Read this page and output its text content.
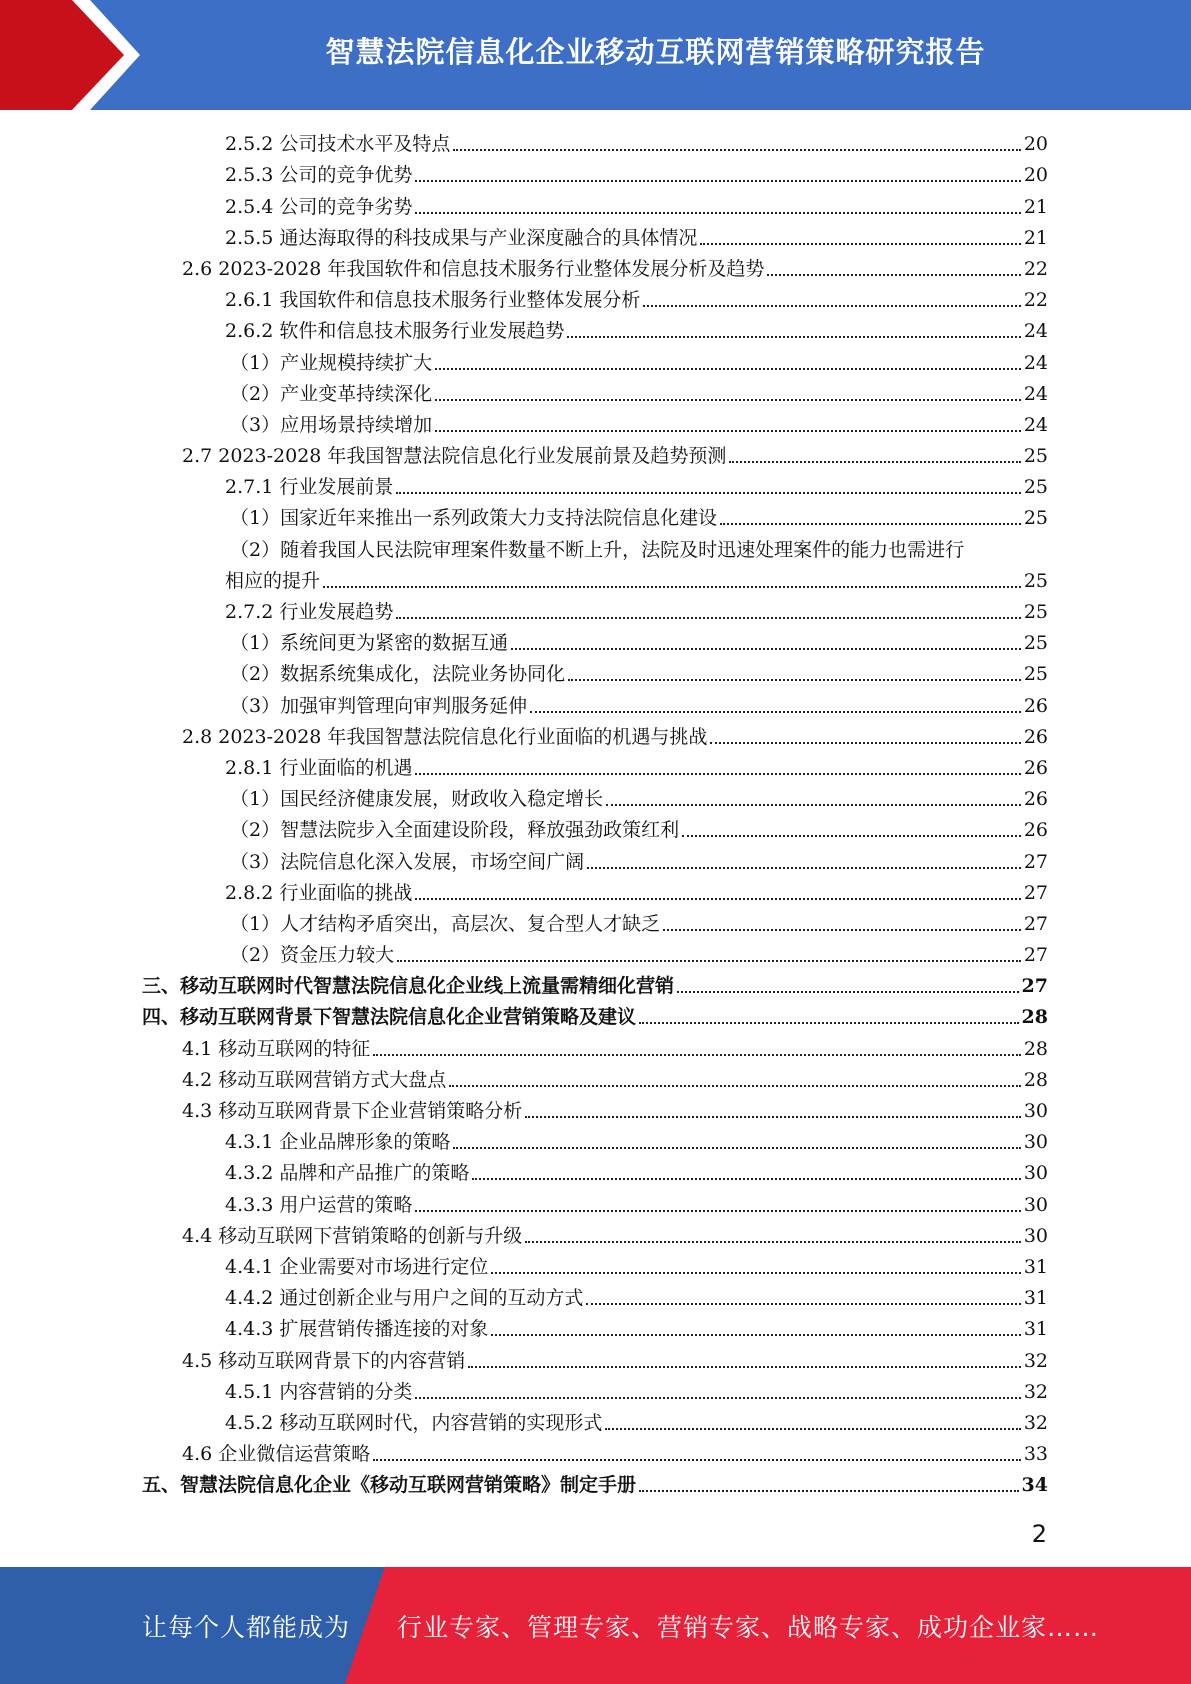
智慧法院信息化企业移动互联网营销策略研究报告
2.5.2 公司技术水平及特点	20
2.5.3 公司的竞争优势	20
2.5.4 公司的竞争劣势	21
2.5.5 通达海取得的科技成果与产业深度融合的具体情况	21
2.6 2023-2028 年我国软件和信息技术服务行业整体发展分析及趋势	22
2.6.1 我国软件和信息技术服务行业整体发展分析	22
2.6.2 软件和信息技术服务行业发展趋势	24
（1）产业规模持续扩大	24
（2）产业变革持续深化	24
（3）应用场景持续增加	24
2.7 2023-2028 年我国智慧法院信息化行业发展前景及趋势预测	25
2.7.1 行业发展前景	25
（1）国家近年来推出一系列政策大力支持法院信息化建设	25
（2）随着我国人民法院审理案件数量不断上升，法院及时迅速处理案件的能力也需进行
相应的提升	25
2.7.2 行业发展趋势	25
（1）系统间更为紧密的数据互通	25
（2）数据系统集成化，法院业务协同化	25
（3）加强审判管理向审判服务延伸	26
2.8 2023-2028 年我国智慧法院信息化行业面临的机遇与挑战	26
2.8.1 行业面临的机遇	26
（1）国民经济健康发展，财政收入稳定增长	26
（2）智慧法院步入全面建设阶段，释放强劲政策红利	26
（3）法院信息化深入发展，市场空间广阔	27
2.8.2 行业面临的挑战	27
（1）人才结构矛盾突出，高层次、复合型人才缺乏	27
（2）资金压力较大	27
三、移动互联网时代智慧法院信息化企业线上流量需精细化营销	27
四、移动互联网背景下智慧法院信息化企业营销策略及建议	28
4.1 移动互联网的特征	28
4.2 移动互联网营销方式大盘点	28
4.3 移动互联网背景下企业营销策略分析	30
4.3.1 企业品牌形象的策略	30
4.3.2 品牌和产品推广的策略	30
4.3.3 用户运营的策略	30
4.4 移动互联网下营销策略的创新与升级	30
4.4.1 企业需要对市场进行定位	31
4.4.2 通过创新企业与用户之间的互动方式	31
4.4.3 扩展营销传播连接的对象	31
4.5 移动互联网背景下的内容营销	32
4.5.1 内容营销的分类	32
4.5.2 移动互联网时代，内容营销的实现形式	32
4.6 企业微信运营策略	33
五、智慧法院信息化企业《移动互联网营销策略》制定手册	34
2
让每个人都能成为 行业专家、管理专家、营销专家、战略专家、成功企业家……
